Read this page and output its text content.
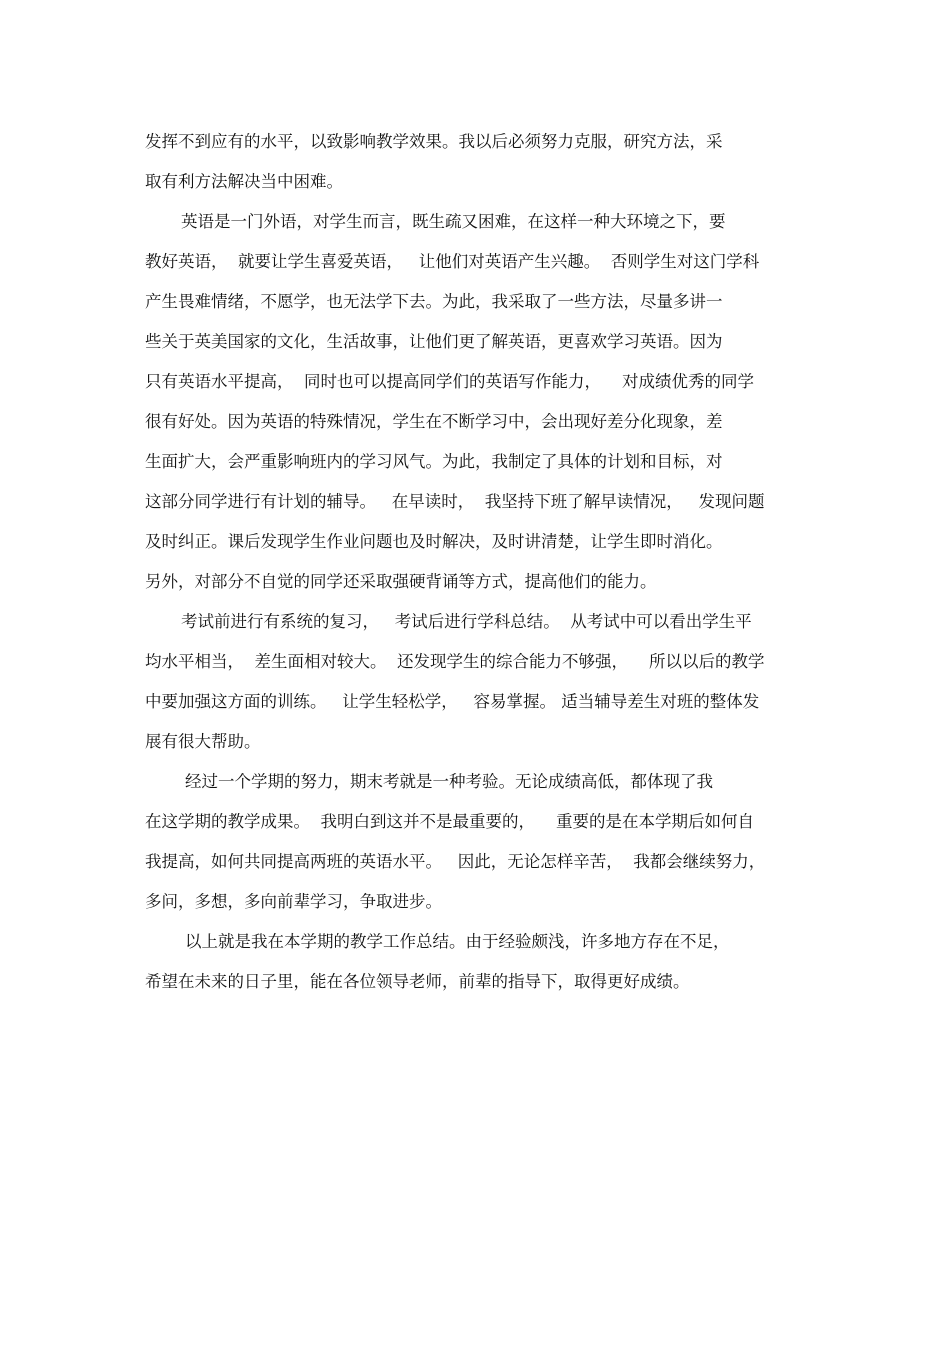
发挥不到应有的水平，以致影响教学效果。我以后必须努力克服，研究方法，采
取有利方法解决当中困难。
英语是一门外语，对学生而言，既生疏又困难，在这样一种大环境之下，要
教好英语，  就要让学生喜爱英语，   让他们对英语产生兴趣。  否则学生对这门学科
产生畏难情绪，不愿学，也无法学下去。为此，我采取了一些方法，尽量多讲一
些关于英美国家的文化，生活故事，让他们更了解英语，更喜欢学习英语。因为
只有英语水平提高，  同时也可以提高同学们的英语写作能力，    对成绩优秀的同学
很有好处。因为英语的特殊情况，学生在不断学习中，会出现好差分化现象，差
生面扩大，会严重影响班内的学习风气。为此，我制定了具体的计划和目标，对
这部分同学进行有计划的辅导。   在早读时，  我坚持下班了解早读情况，   发现问题
及时纠正。课后发现学生作业问题也及时解决，及时讲清楚，让学生即时消化。
另外，对部分不自觉的同学还采取强硬背诵等方式，提高他们的能力。
考试前进行有系统的复习，   考试后进行学科总结。  从考试中可以看出学生平
均水平相当，  差生面相对较大。  还发现学生的综合能力不够强，    所以以后的教学
中要加强这方面的训练。   让学生轻松学，   容易掌握。 适当辅导差生对班的整体发
展有很大帮助。
经过一个学期的努力，期末考就是一种考验。无论成绩高低，都体现了我
在这学期的教学成果。  我明白到这并不是最重要的，    重要的是在本学期后如何自
我提高，如何共同提高两班的英语水平。   因此，无论怎样辛苦，  我都会继续努力，
多问，多想，多向前辈学习，争取进步。
以上就是我在本学期的教学工作总结。由于经验颇浅，许多地方存在不足，
希望在未来的日子里，能在各位领导老师，前辈的指导下，取得更好成绩。
